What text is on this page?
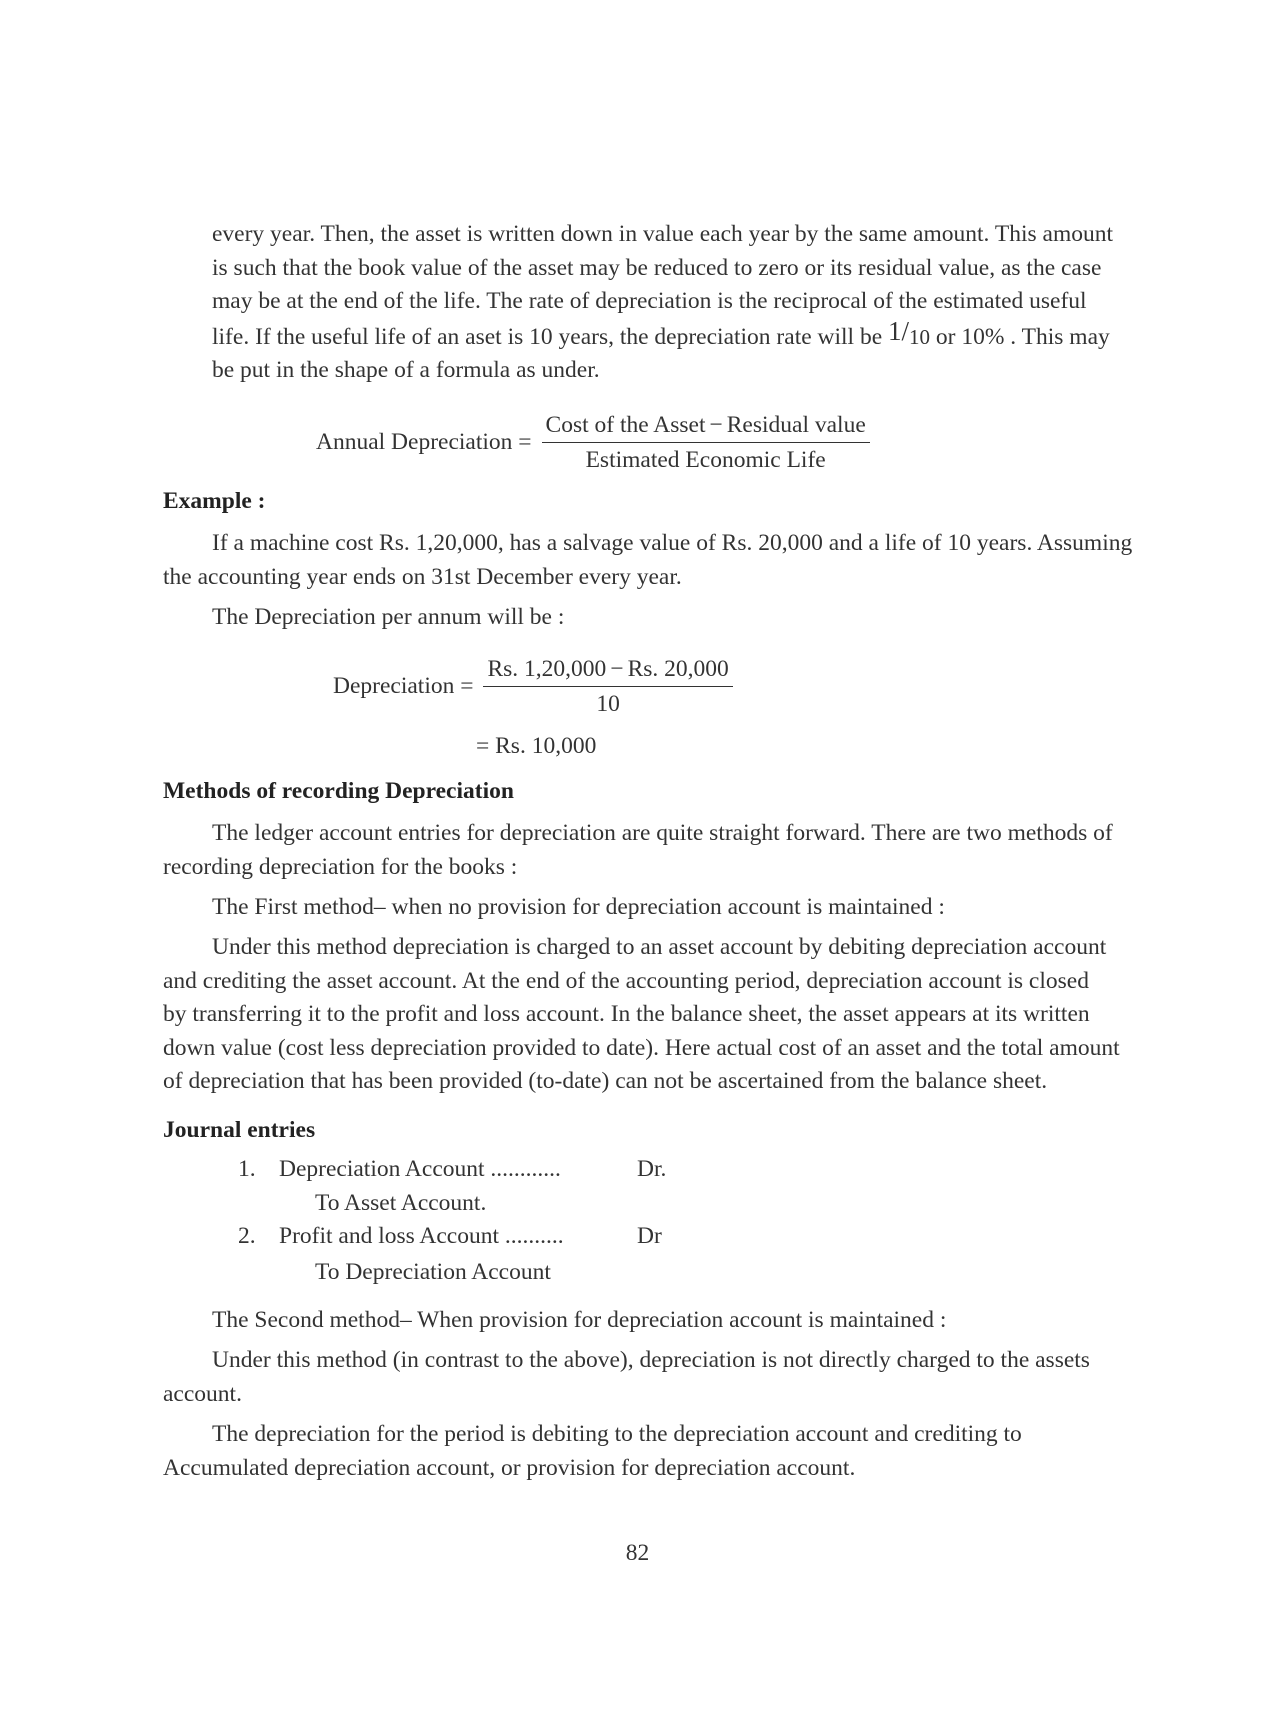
every year. Then, the asset is written down in value each year by the same amount. This amount

is such that the book value of the asset may be reduced to zero or its residual value, as the case

may be at the end of the life. The rate of depreciation is the reciprocal of the estimated useful

life. If the useful life of an aset is 10 years, the depreciation rate will be 1/10 or 10% . This may

be put in the shape of a formula as under.

Annual Depreciation = $\frac{\text{Cost of the Asset − Residual value}}{\text{Estimated Economic Life}}$
Example :

If a machine cost Rs. 1,20,000, has a salvage value of Rs. 20,000 and a life of 10 years. Assuming

the accounting year ends on 31st December every year.

The Depreciation per annum will be :
Depreciation = $\frac{Rs. 1,20,000 - Rs. 20,000}{10}$
= Rs. 10,000
Methods of recording Depreciation

The ledger account entries for depreciation are quite straight forward. There are two methods of

recording depreciation for the books :

The First method– when no provision for depreciation account is maintained :

Under this method depreciation is charged to an asset account by debiting depreciation account

and crediting the asset account. At the end of the accounting period, depreciation account is closed

by transferring it to the profit and loss account. In the balance sheet, the asset appears at its written

down value (cost less depreciation provided to date). Here actual cost of an asset and the total amount

of depreciation that has been provided (to-date) can not be ascertained from the balance sheet.

Journal entries
1. Depreciation Account ............	Dr.
To Asset Account.
2. Profit and loss Account ..........	Dr
To Depreciation Account
The Second method– When provision for depreciation account is maintained :

Under this method (in contrast to the above), depreciation is not directly charged to the assets

account.

The depreciation for the period is debiting to the depreciation account and crediting to

Accumulated depreciation account, or provision for depreciation account.

82
